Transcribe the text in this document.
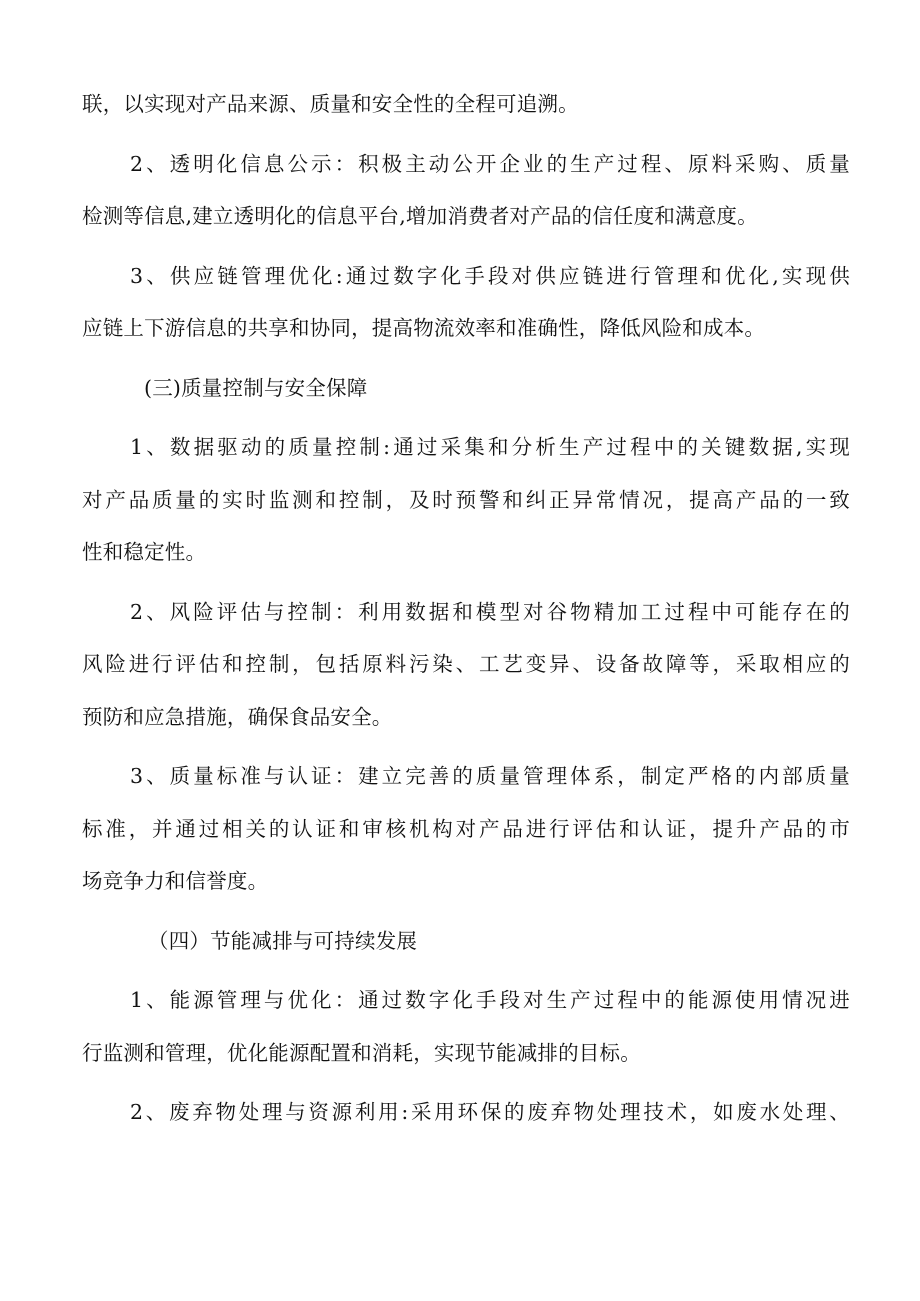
联，以实现对产品来源、质量和安全性的全程可追溯。
2、透明化信息公示：积极主动公开企业的生产过程、原料采购、质量
检测等信息,建立透明化的信息平台,增加消费者对产品的信任度和满意度。
3、供应链管理优化:通过数字化手段对供应链进行管理和优化,实现供
应链上下游信息的共享和协同，提高物流效率和准确性，降低风险和成本。
(三)质量控制与安全保障
1、数据驱动的质量控制:通过采集和分析生产过程中的关键数据,实现
对产品质量的实时监测和控制，及时预警和纠正异常情况，提高产品的一致
性和稳定性。
2、风险评估与控制：利用数据和模型对谷物精加工过程中可能存在的
风险进行评估和控制，包括原料污染、工艺变异、设备故障等，采取相应的
预防和应急措施，确保食品安全。
3、质量标准与认证：建立完善的质量管理体系，制定严格的内部质量
标准，并通过相关的认证和审核机构对产品进行评估和认证，提升产品的市
场竞争力和信誉度。
（四）节能减排与可持续发展
1、能源管理与优化：通过数字化手段对生产过程中的能源使用情况进
行监测和管理，优化能源配置和消耗，实现节能减排的目标。
2、废弃物处理与资源利用:采用环保的废弃物处理技术，如废水处理、
